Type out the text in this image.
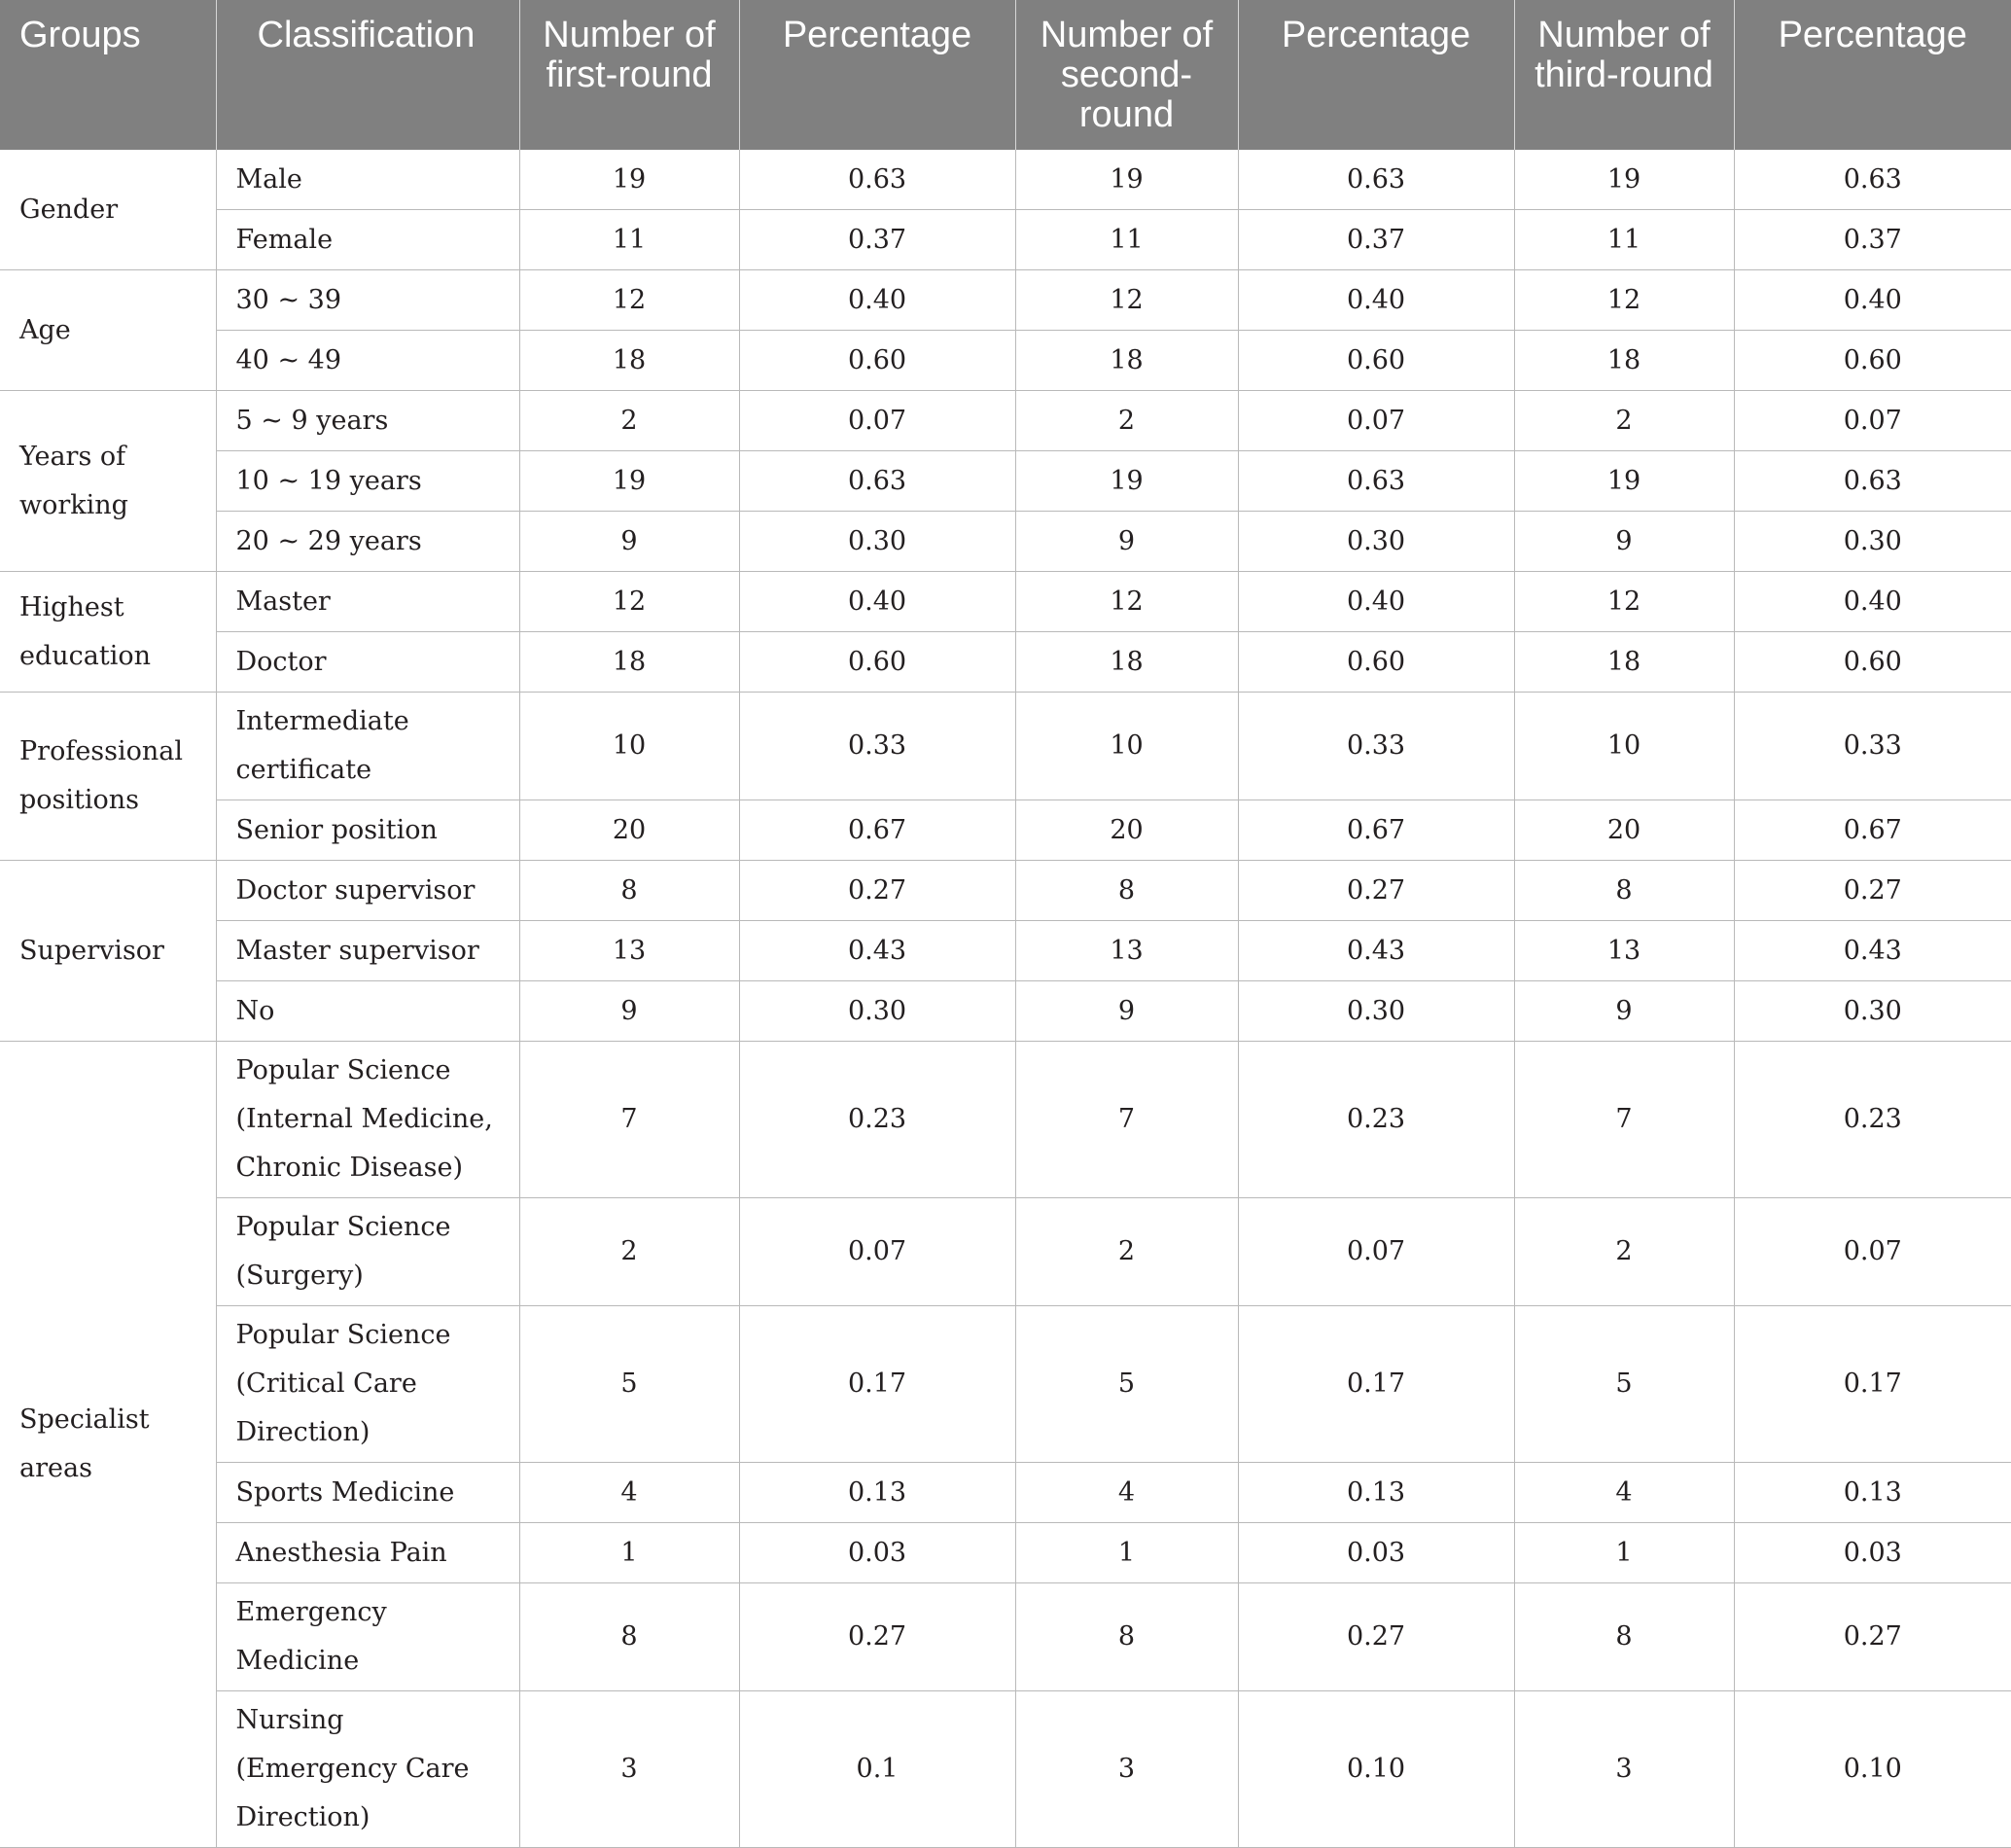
Groups	Classification	Number of first-round	Percentage	Number of second-round	Percentage	Number of third-round	Percentage
Gender	Male	19	0.63	19	0.63	19	0.63
	Female	11	0.37	11	0.37	11	0.37
Age	30 ~ 39	12	0.40	12	0.40	12	0.40
	40 ~ 49	18	0.60	18	0.60	18	0.60
Years of working	5 ~ 9 years	2	0.07	2	0.07	2	0.07
	10 ~ 19 years	19	0.63	19	0.63	19	0.63
	20 ~ 29 years	9	0.30	9	0.30	9	0.30
Highest education	Master	12	0.40	12	0.40	12	0.40
	Doctor	18	0.60	18	0.60	18	0.60
Professional positions	Intermediate certificate	10	0.33	10	0.33	10	0.33
	Senior position	20	0.67	20	0.67	20	0.67
Supervisor	Doctor supervisor	8	0.27	8	0.27	8	0.27
	Master supervisor	13	0.43	13	0.43	13	0.43
	No	9	0.30	9	0.30	9	0.30
Specialist areas	Popular Science (Internal Medicine, Chronic Disease)	7	0.23	7	0.23	7	0.23
	Popular Science (Surgery)	2	0.07	2	0.07	2	0.07
	Popular Science (Critical Care Direction)	5	0.17	5	0.17	5	0.17
	Sports Medicine	4	0.13	4	0.13	4	0.13
	Anesthesia Pain	1	0.03	1	0.03	1	0.03
	Emergency Medicine	8	0.27	8	0.27	8	0.27
	Nursing (Emergency Care Direction)	3	0.1	3	0.10	3	0.10
